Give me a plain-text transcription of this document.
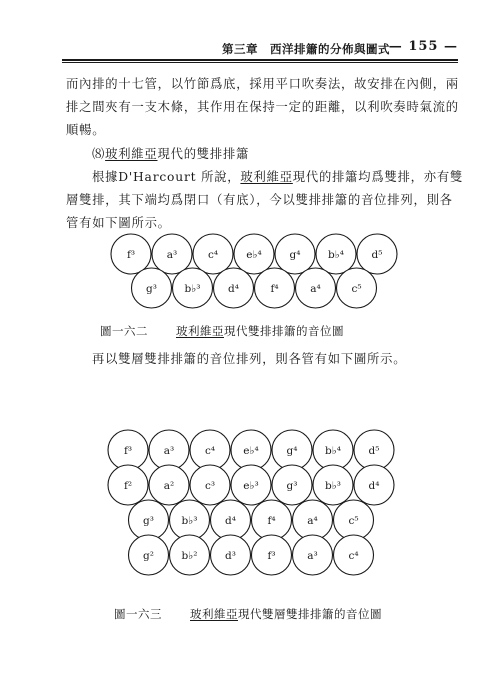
第三章　西洋排簫的分佈與圖式
— 155 —
而內排的十七管，以竹節爲底，採用平口吹奏法，故安排在內側，兩
排之間夾有一支木條，其作用在保持一定的距離，以利吹奏時氣流的
順暢。
⑻玻利維亞現代的雙排排簫
根據D'Harcourt 所說，玻利維亞現代的排簫均爲雙排，亦有雙
層雙排，其下端均爲閉口（有底），今以雙排排簫的音位排列，則各
管有如下圖所示。
f³	a³	c⁴	e♭⁴	g⁴	b♭⁴	d⁵
g³	b♭³	d⁴	f⁴	a⁴	c⁵
f³	a³	c⁴	e♭⁴	g⁴	b♭⁴	d⁵
f²	a²	c³	e♭³	g³	b♭³	d⁴
g³	b♭³	d⁴	f⁴	a⁴	c⁵
g²	b♭²	d³	f³	a³	c⁴
圖一六二 玻利維亞現代雙排排簫的音位圖
再以雙層雙排排簫的音位排列，則各管有如下圖所示。
圖一六三 玻利維亞現代雙層雙排排簫的音位圖
